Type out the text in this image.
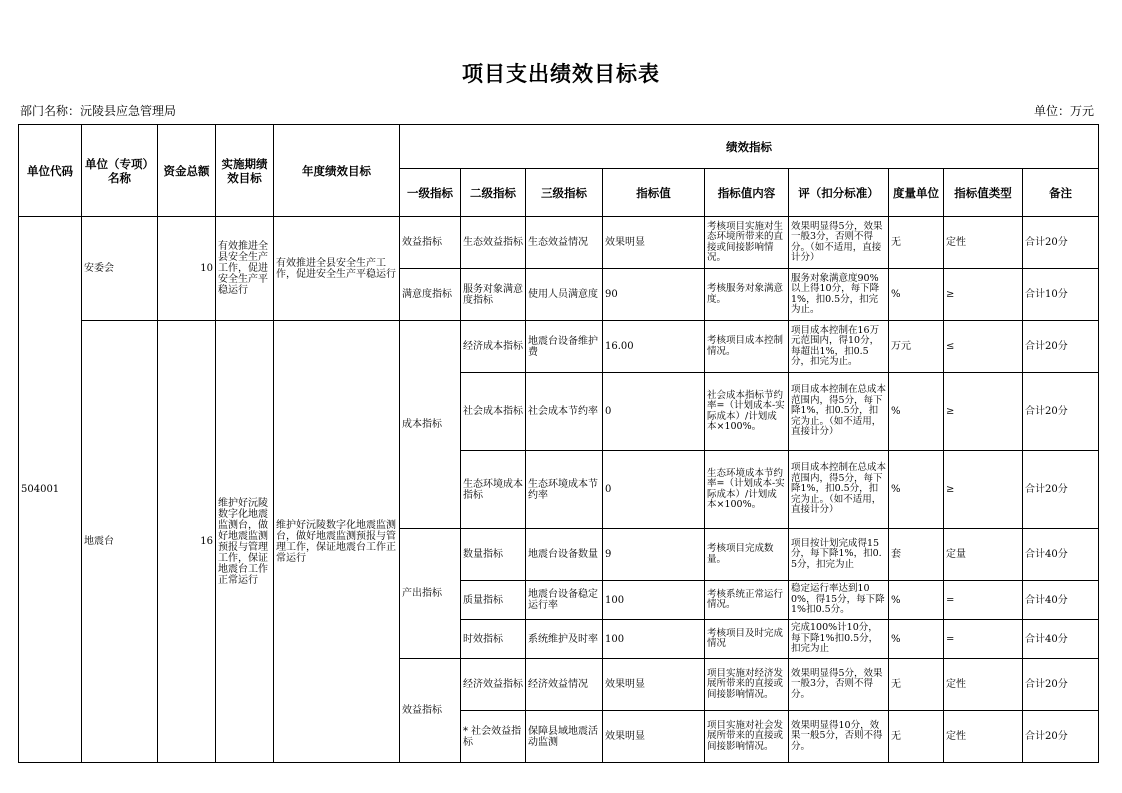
项目支出绩效目标表
部门名称：沅陵县应急管理局	单位：万元
单位代码	单位（专项）名称	资金总额	实施期绩效目标	年度绩效目标	绩效指标								
					一级指标	二级指标	三级指标	指标值	指标值内容	评（扣分标准）	度量单位	指标值类型	备注
504001	安委会	10	有效推进全县安全生产工作，促进安全生产平稳运行	有效推进全县安全生产工作，促进安全生产平稳运行	效益指标	生态效益指标	生态效益情况	效果明显	考核项目实施对生态环境所带来的直接或间接影响情况。	效果明显得5分，效果一般3分，否则不得分。（如不适用，直接计分）	无	定性	合计20分
					满意度指标	服务对象满意度指标	使用人员满意度	90	考核服务对象满意度。	服务对象满意度90%以上得10分，每下降1%，扣0.5分，扣完为止。	%	≥	合计10分
	地震台	16	维护好沅陵数字化地震监测台，做好地震监测预报与管理工作，保证地震台工作正常运行	维护好沅陵数字化地震监测台，做好地震监测预报与管理工作，保证地震台工作正常运行	成本指标	经济成本指标	地震台设备维护费	16.00	考核项目成本控制情况。	项目成本控制在16万元范围内，得10分，每超出1%，扣0.5分，扣完为止。	万元	≤	合计20分
						社会成本指标	社会成本节约率	0	社会成本指标节约率=（计划成本-实际成本）/计划成本×100%。	项目成本控制在总成本范围内，得5分，每下降1%，扣0.5分，扣完为止。（如不适用，直接计分）	%	≥	合计20分
						生态环境成本指标	生态环境成本节约率	0	生态环境成本节约率=（计划成本-实际成本）/计划成本×100%。	项目成本控制在总成本范围内，得5分，每下降1%，扣0.5分，扣完为止。（如不适用，直接计分）	%	≥	合计20分
					产出指标	数量指标	地震台设备数量	9	考核项目完成数量。	项目按计划完成得15分，每下降1%，扣0.5分，扣完为止	套	定量	合计40分
						质量指标	地震台设备稳定运行率	100	考核系统正常运行情况。	稳定运行率达到100%，得15分，每下降1%扣0.5分。	%	=	合计40分
						时效指标	系统维护及时率	100	考核项目及时完成情况	完成100%计10分，每下降1%扣0.5分，扣完为止	%	=	合计40分
					效益指标	经济效益指标	经济效益情况	效果明显	项目实施对经济发展所带来的直接或间接影响情况。	效果明显得5分，效果一般3分，否则不得分。	无	定性	合计20分
						* 社会效益指标	保障县域地震活动监测	效果明显	项目实施对社会发展所带来的直接或间接影响情况。	效果明显得10分，效果一般5分，否则不得分。	无	定性	合计20分
